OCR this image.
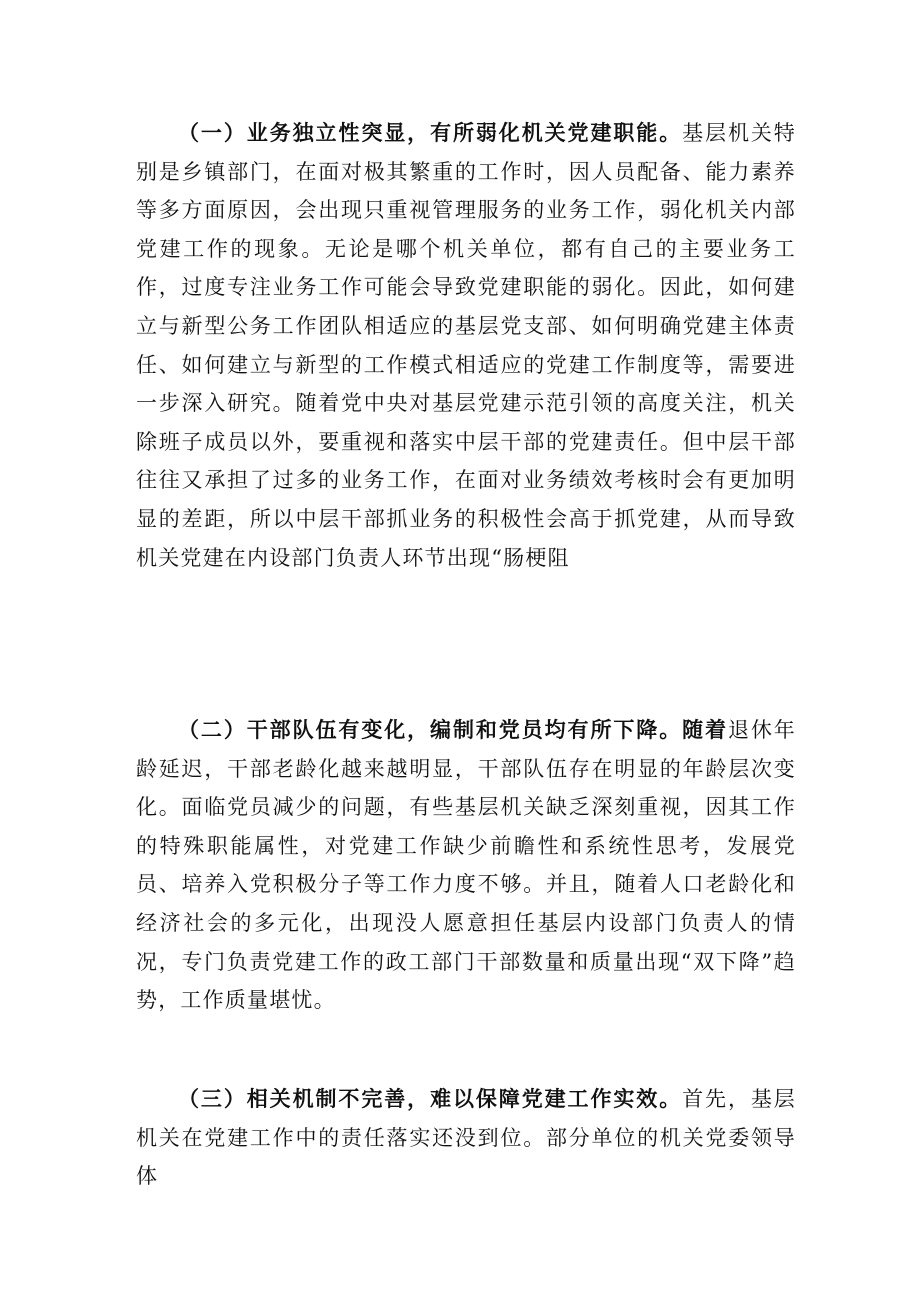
（一）业务独立性突显，有所弱化机关党建职能。基层机关特别是乡镇部门，在面对极其繁重的工作时，因人员配备、能力素养等多方面原因，会出现只重视管理服务的业务工作，弱化机关内部党建工作的现象。无论是哪个机关单位，都有自己的主要业务工作，过度专注业务工作可能会导致党建职能的弱化。因此，如何建立与新型公务工作团队相适应的基层党支部、如何明确党建主体责任、如何建立与新型的工作模式相适应的党建工作制度等，需要进一步深入研究。随着党中央对基层党建示范引领的高度关注，机关除班子成员以外，要重视和落实中层干部的党建责任。但中层干部往往又承担了过多的业务工作，在面对业务绩效考核时会有更加明显的差距，所以中层干部抓业务的积极性会高于抓党建，从而导致机关党建在内设部门负责人环节出现“肠梗阻

（二）干部队伍有变化，编制和党员均有所下降。随着退休年龄延迟，干部老龄化越来越明显，干部队伍存在明显的年龄层次变化。面临党员减少的问题，有些基层机关缺乏深刻重视，因其工作的特殊职能属性，对党建工作缺少前瞻性和系统性思考，发展党员、培养入党积极分子等工作力度不够。并且，随着人口老龄化和经济社会的多元化，出现没人愿意担任基层内设部门负责人的情况，专门负责党建工作的政工部门干部数量和质量出现“双下降”趋势，工作质量堪忧。

（三）相关机制不完善，难以保障党建工作实效。首先，基层机关在党建工作中的责任落实还没到位。部分单位的机关党委领导体
